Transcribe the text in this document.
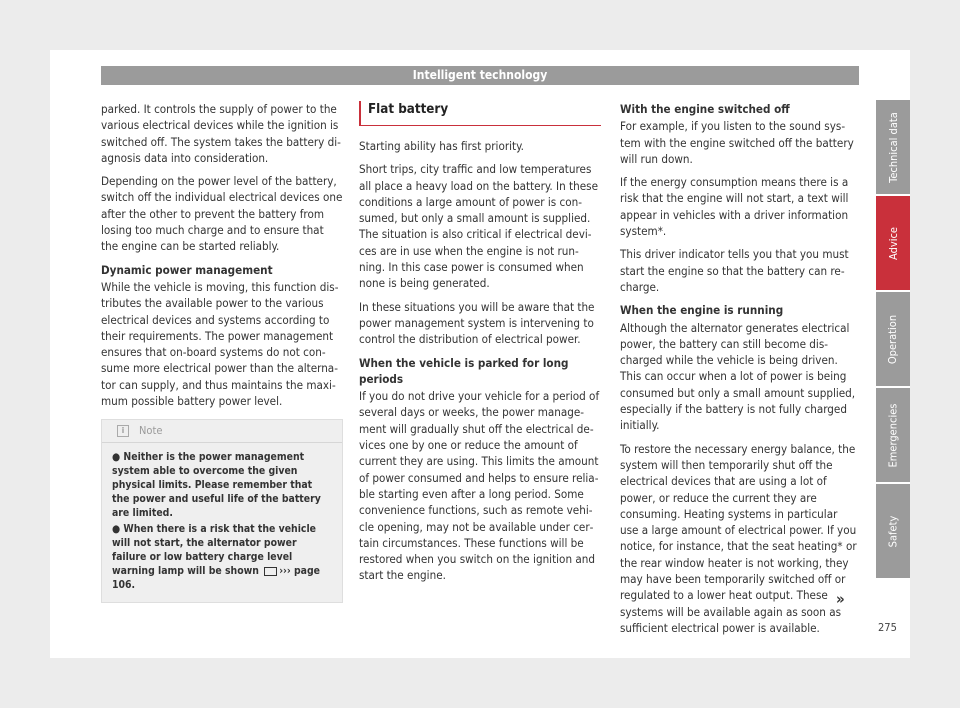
Intelligent technology

parked. It controls the supply of power to the various electrical devices while the ignition is switched off. The system takes the battery diagnosis data into consideration.

Depending on the power level of the battery, switch off the individual electrical devices one after the other to prevent the battery from losing too much charge and to ensure that the engine can be started reliably.

Dynamic power management

While the vehicle is moving, this function distributes the available power to the various electrical devices and systems according to their requirements. The power management ensures that on-board systems do not consume more electrical power than the alternator can supply, and thus maintains the maximum possible battery power level.

i	Note

● Neither is the power management system able to overcome the given physical limits. Please remember that the power and useful life of the battery are limited.

● When there is a risk that the vehicle will not start, the alternator power failure or low battery charge level warning lamp will be shown ››› page 106.

Flat battery

Starting ability has first priority.

Short trips, city traffic and low temperatures all place a heavy load on the battery. In these conditions a large amount of power is consumed, but only a small amount is supplied. The situation is also critical if electrical devices are in use when the engine is not running. In this case power is consumed when none is being generated.

In these situations you will be aware that the power management system is intervening to control the distribution of electrical power.

When the vehicle is parked for long periods

If you do not drive your vehicle for a period of several days or weeks, the power management will gradually shut off the electrical devices one by one or reduce the amount of current they are using. This limits the amount of power consumed and helps to ensure reliable starting even after a long period. Some convenience functions, such as remote vehicle opening, may not be available under certain circumstances. These functions will be restored when you switch on the ignition and start the engine.

With the engine switched off

For example, if you listen to the sound system with the engine switched off the battery will run down.

If the energy consumption means there is a risk that the engine will not start, a text will appear in vehicles with a driver information system*.

This driver indicator tells you that you must start the engine so that the battery can recharge.

When the engine is running

Although the alternator generates electrical power, the battery can still become discharged while the vehicle is being driven. This can occur when a lot of power is being consumed but only a small amount supplied, especially if the battery is not fully charged initially.

To restore the necessary energy balance, the system will then temporarily shut off the electrical devices that are using a lot of power, or reduce the current they are consuming. Heating systems in particular use a large amount of electrical power. If you notice, for instance, that the seat heating* or the rear window heater is not working, they may have been temporarily switched off or regulated to a lower heat output. These systems will be available again as soon as sufficient electrical power is available.

»
Technical data
Advice
Operation
Emergencies
Safety
275
